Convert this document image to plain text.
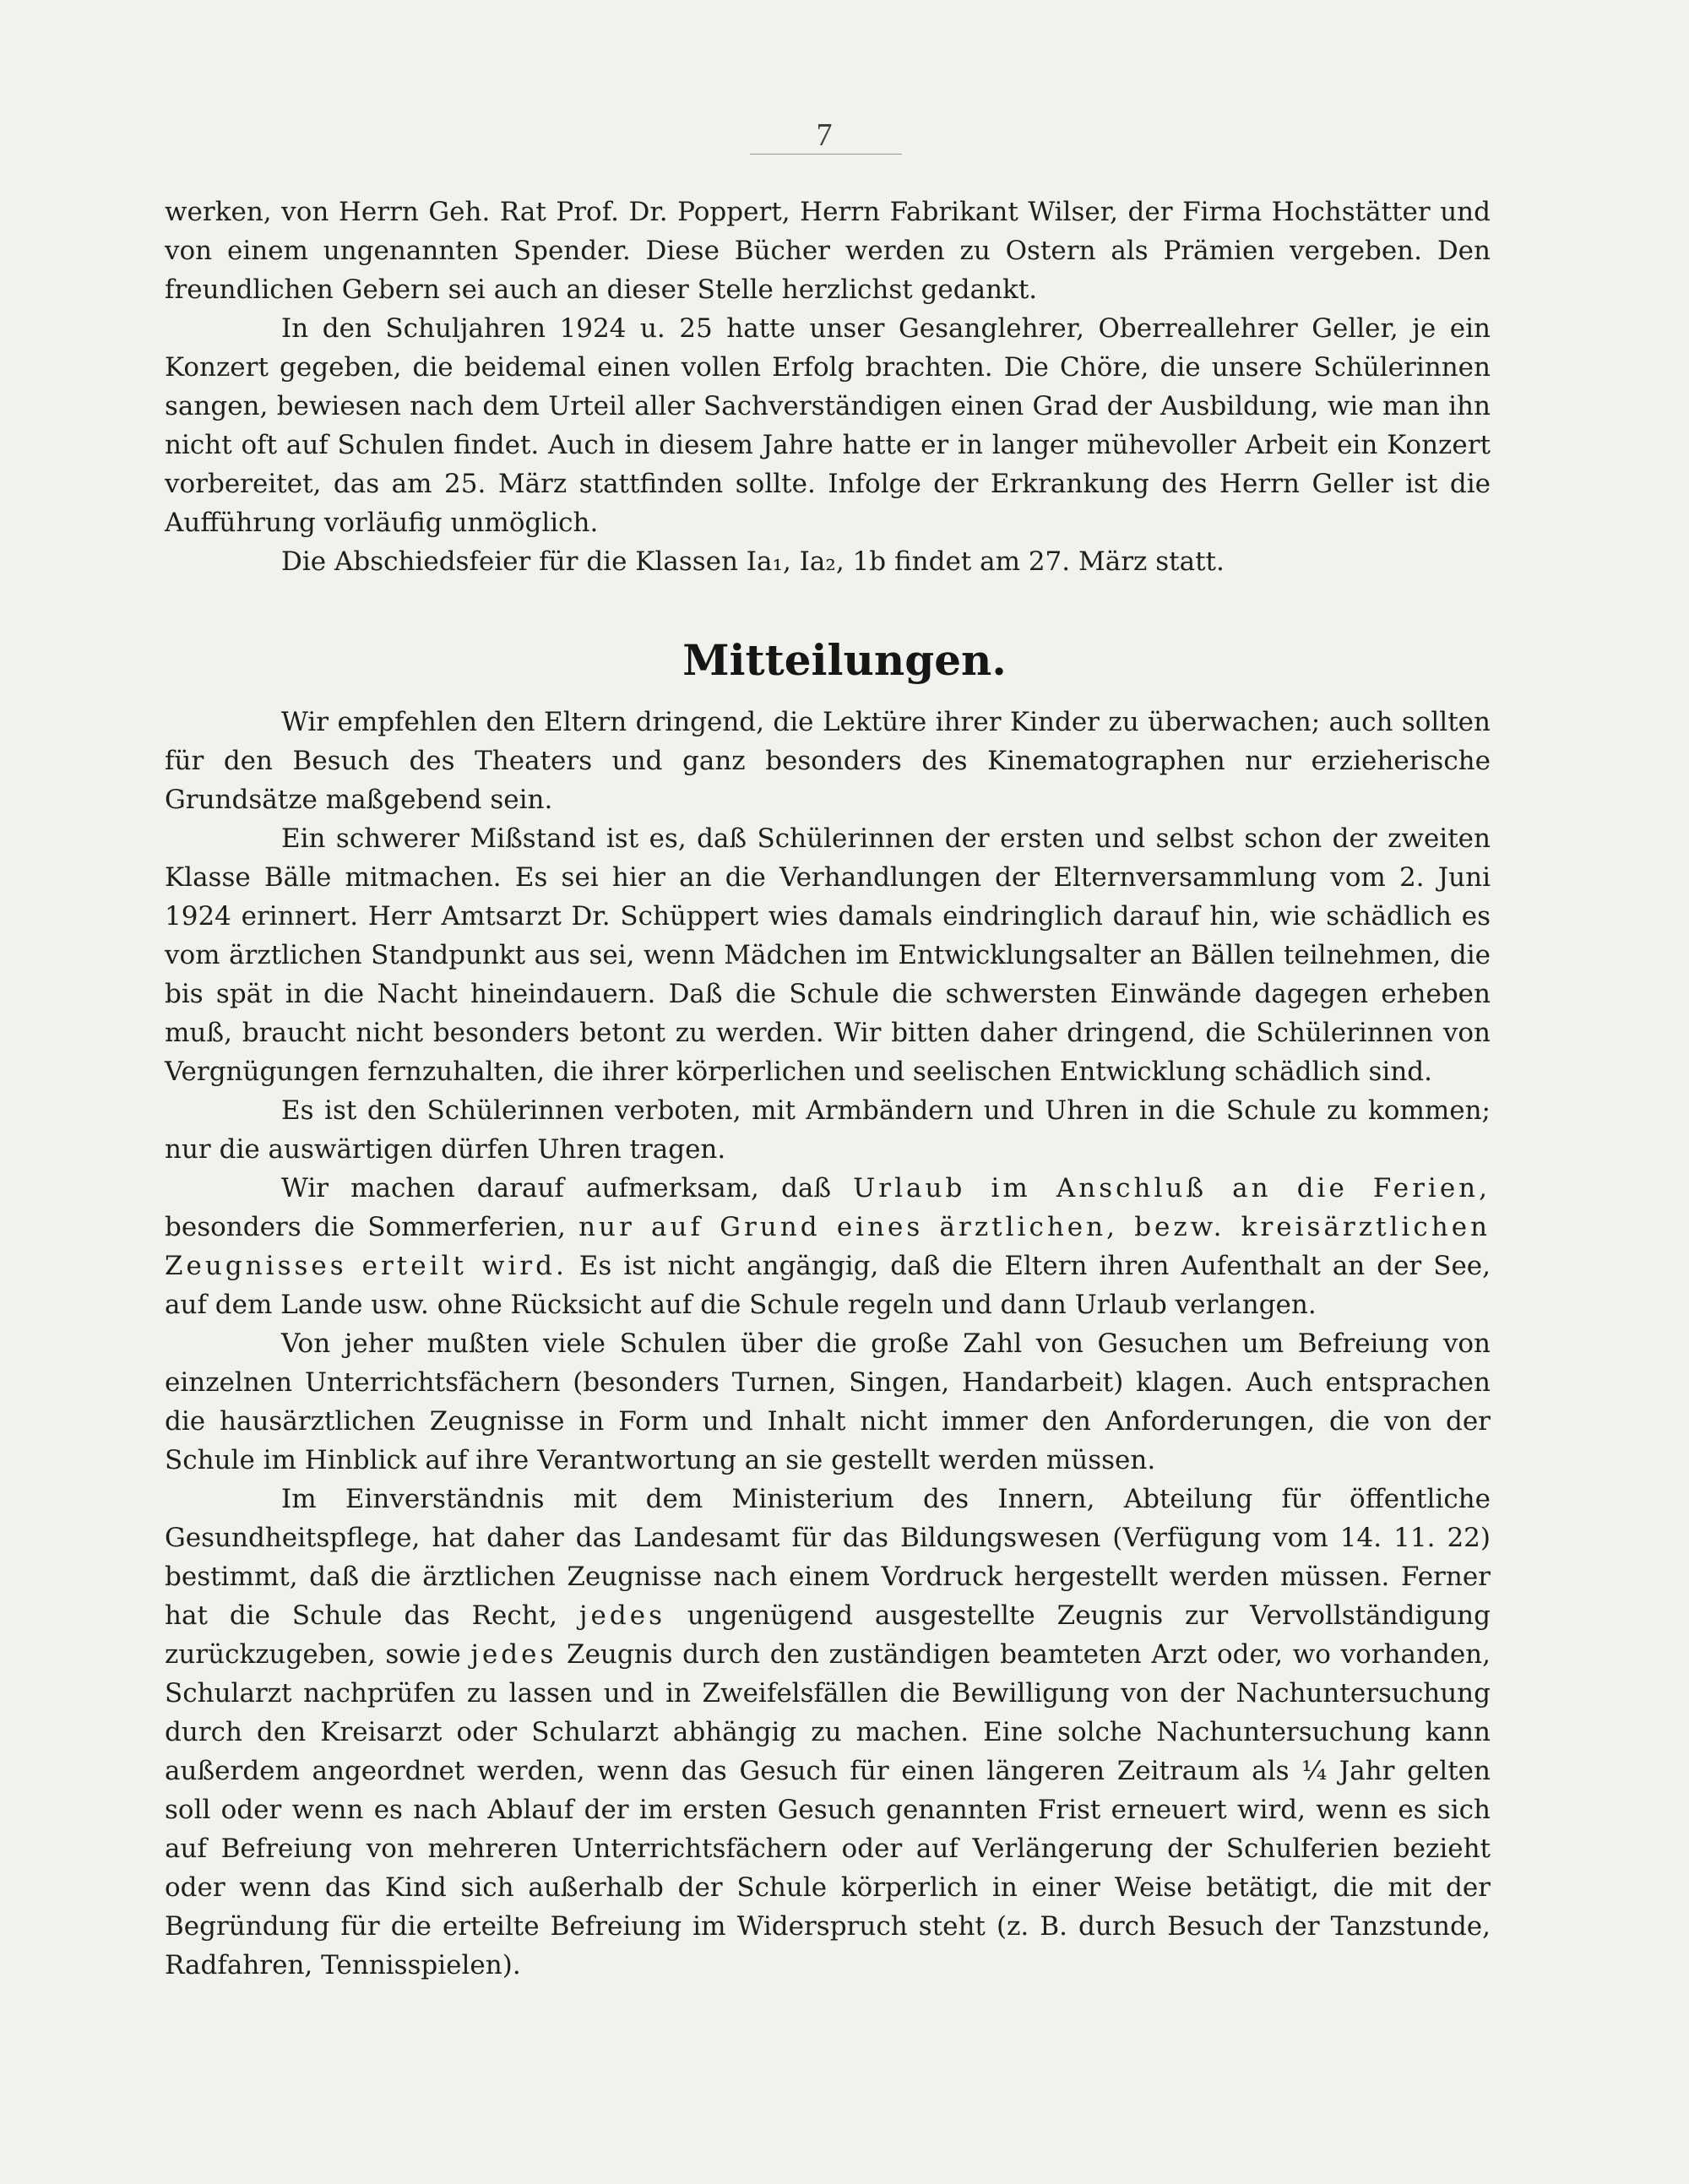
7

werken, von Herrn Geh. Rat Prof. Dr. Poppert, Herrn Fabrikant Wilser, der Firma Hochstätter und von einem ungenannten Spender. Diese Bücher werden zu Ostern als Prämien vergeben. Den freundlichen Gebern sei auch an dieser Stelle herzlichst gedankt.

In den Schuljahren 1924 u. 25 hatte unser Gesanglehrer, Oberreallehrer Geller, je ein Konzert gegeben, die beidemal einen vollen Erfolg brachten. Die Chöre, die unsere Schülerinnen sangen, bewiesen nach dem Urteil aller Sachverständigen einen Grad der Ausbildung, wie man ihn nicht oft auf Schulen findet. Auch in diesem Jahre hatte er in langer mühevoller Arbeit ein Konzert vorbereitet, das am 25. März stattfinden sollte. Infolge der Erkrankung des Herrn Geller ist die Aufführung vorläufig unmöglich.

Die Abschiedsfeier für die Klassen Ia₁, Ia₂, 1b findet am 27. März statt.

Mitteilungen.

Wir empfehlen den Eltern dringend, die Lektüre ihrer Kinder zu überwachen; auch sollten für den Besuch des Theaters und ganz besonders des Kinematographen nur erzieherische Grundsätze maßgebend sein.

Ein schwerer Mißstand ist es, daß Schülerinnen der ersten und selbst schon der zweiten Klasse Bälle mitmachen. Es sei hier an die Verhandlungen der Elternversammlung vom 2. Juni 1924 erinnert. Herr Amtsarzt Dr. Schüppert wies damals eindringlich darauf hin, wie schädlich es vom ärztlichen Standpunkt aus sei, wenn Mädchen im Entwicklungsalter an Bällen teilnehmen, die bis spät in die Nacht hineindauern. Daß die Schule die schwersten Einwände dagegen erheben muß, braucht nicht besonders betont zu werden. Wir bitten daher dringend, die Schülerinnen von Vergnügungen fernzuhalten, die ihrer körperlichen und seelischen Entwicklung schädlich sind.

Es ist den Schülerinnen verboten, mit Armbändern und Uhren in die Schule zu kommen; nur die auswärtigen dürfen Uhren tragen.

Wir machen darauf aufmerksam, daß Urlaub im Anschluß an die Ferien, besonders die Sommerferien, nur auf Grund eines ärztlichen, bezw. kreisärztlichen Zeugnisses erteilt wird. Es ist nicht angängig, daß die Eltern ihren Aufenthalt an der See, auf dem Lande usw. ohne Rücksicht auf die Schule regeln und dann Urlaub verlangen.

Von jeher mußten viele Schulen über die große Zahl von Gesuchen um Befreiung von einzelnen Unterrichtsfächern (besonders Turnen, Singen, Handarbeit) klagen. Auch entsprachen die hausärztlichen Zeugnisse in Form und Inhalt nicht immer den Anforderungen, die von der Schule im Hinblick auf ihre Verantwortung an sie gestellt werden müssen.

Im Einverständnis mit dem Ministerium des Innern, Abteilung für öffentliche Gesundheitspflege, hat daher das Landesamt für das Bildungswesen (Verfügung vom 14. 11. 22) bestimmt, daß die ärztlichen Zeugnisse nach einem Vordruck hergestellt werden müssen. Ferner hat die Schule das Recht, jedes ungenügend ausgestellte Zeugnis zur Vervollständigung zurückzugeben, sowie jedes Zeugnis durch den zuständigen beamteten Arzt oder, wo vorhanden, Schularzt nachprüfen zu lassen und in Zweifelsfällen die Bewilligung von der Nachuntersuchung durch den Kreisarzt oder Schularzt abhängig zu machen. Eine solche Nachuntersuchung kann außerdem angeordnet werden, wenn das Gesuch für einen längeren Zeitraum als ¼ Jahr gelten soll oder wenn es nach Ablauf der im ersten Gesuch genannten Frist erneuert wird, wenn es sich auf Befreiung von mehreren Unterrichtsfächern oder auf Verlängerung der Schulferien bezieht oder wenn das Kind sich außerhalb der Schule körperlich in einer Weise betätigt, die mit der Begründung für die erteilte Befreiung im Widerspruch steht (z. B. durch Besuch der Tanzstunde, Radfahren, Tennisspielen).
